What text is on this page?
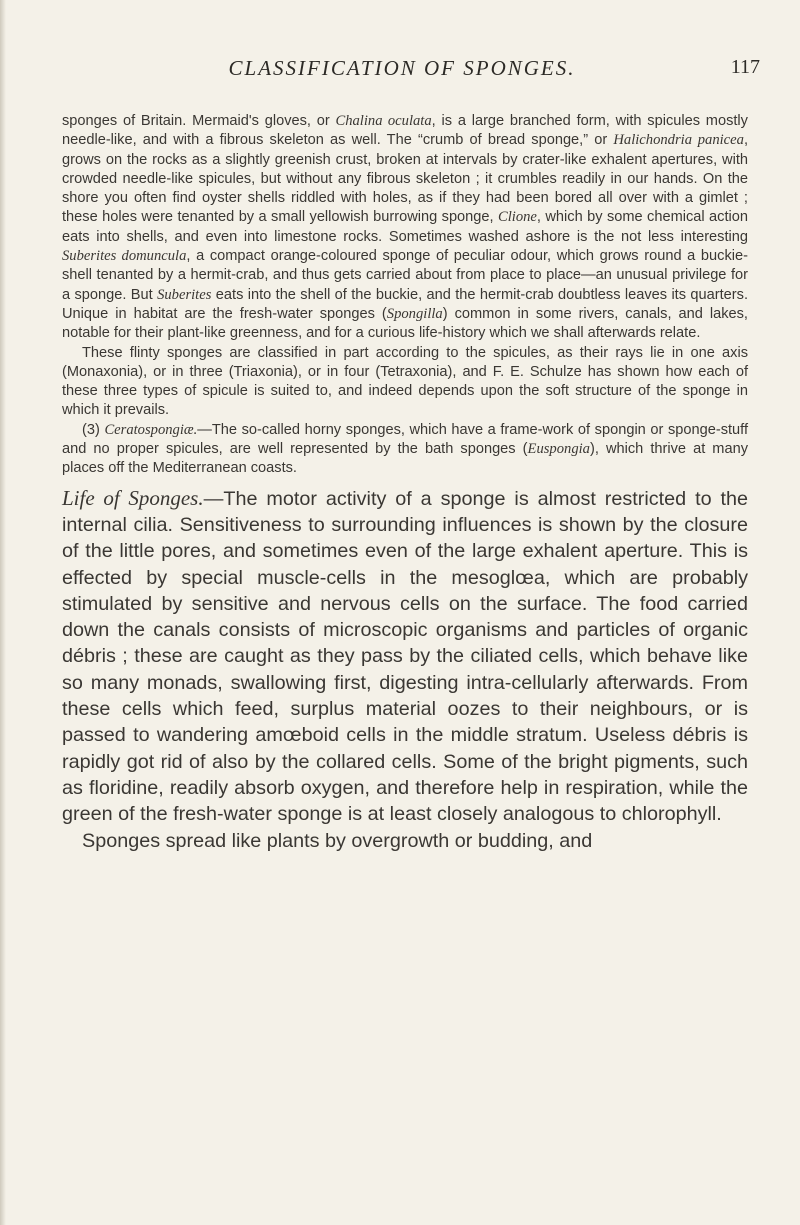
CLASSIFICATION OF SPONGES.	117

sponges of Britain. Mermaid's gloves, or Chalina oculata, is a large branched form, with spicules mostly needle-like, and with a fibrous skeleton as well. The “crumb of bread sponge,” or Halichondria panicea, grows on the rocks as a slightly greenish crust, broken at intervals by crater-like exhalent apertures, with crowded needle-like spicules, but without any fibrous skeleton ; it crumbles readily in our hands. On the shore you often find oyster shells riddled with holes, as if they had been bored all over with a gimlet ; these holes were tenanted by a small yellowish burrowing sponge, Clione, which by some chemical action eats into shells, and even into limestone rocks. Sometimes washed ashore is the not less interesting Suberites domuncula, a compact orange-coloured sponge of peculiar odour, which grows round a buckie-shell tenanted by a hermit-crab, and thus gets carried about from place to place—an unusual privilege for a sponge. But Suberites eats into the shell of the buckie, and the hermit-crab doubtless leaves its quarters. Unique in habitat are the fresh-water sponges (Spongilla) common in some rivers, canals, and lakes, notable for their plant-like greenness, and for a curious life-history which we shall afterwards relate.

These flinty sponges are classified in part according to the spicules, as their rays lie in one axis (Monaxonia), or in three (Triaxonia), or in four (Tetraxonia), and F. E. Schulze has shown how each of these three types of spicule is suited to, and indeed depends upon the soft structure of the sponge in which it prevails.

(3) Ceratospongiæ.—The so-called horny sponges, which have a frame-work of spongin or sponge-stuff and no proper spicules, are well represented by the bath sponges (Euspongia), which thrive at many places off the Mediterranean coasts.

Life of Sponges.—The motor activity of a sponge is almost restricted to the internal cilia. Sensitiveness to surrounding influences is shown by the closure of the little pores, and sometimes even of the large exhalent aperture. This is effected by special muscle-cells in the mesoglœa, which are probably stimulated by sensitive and nervous cells on the surface. The food carried down the canals consists of microscopic organisms and particles of organic débris ; these are caught as they pass by the ciliated cells, which behave like so many monads, swallowing first, digesting intra-cellularly afterwards. From these cells which feed, surplus material oozes to their neighbours, or is passed to wandering amœboid cells in the middle stratum. Useless débris is rapidly got rid of also by the collared cells. Some of the bright pigments, such as floridine, readily absorb oxygen, and therefore help in respiration, while the green of the fresh-water sponge is at least closely analogous to chlorophyll.

Sponges spread like plants by overgrowth or budding, and
